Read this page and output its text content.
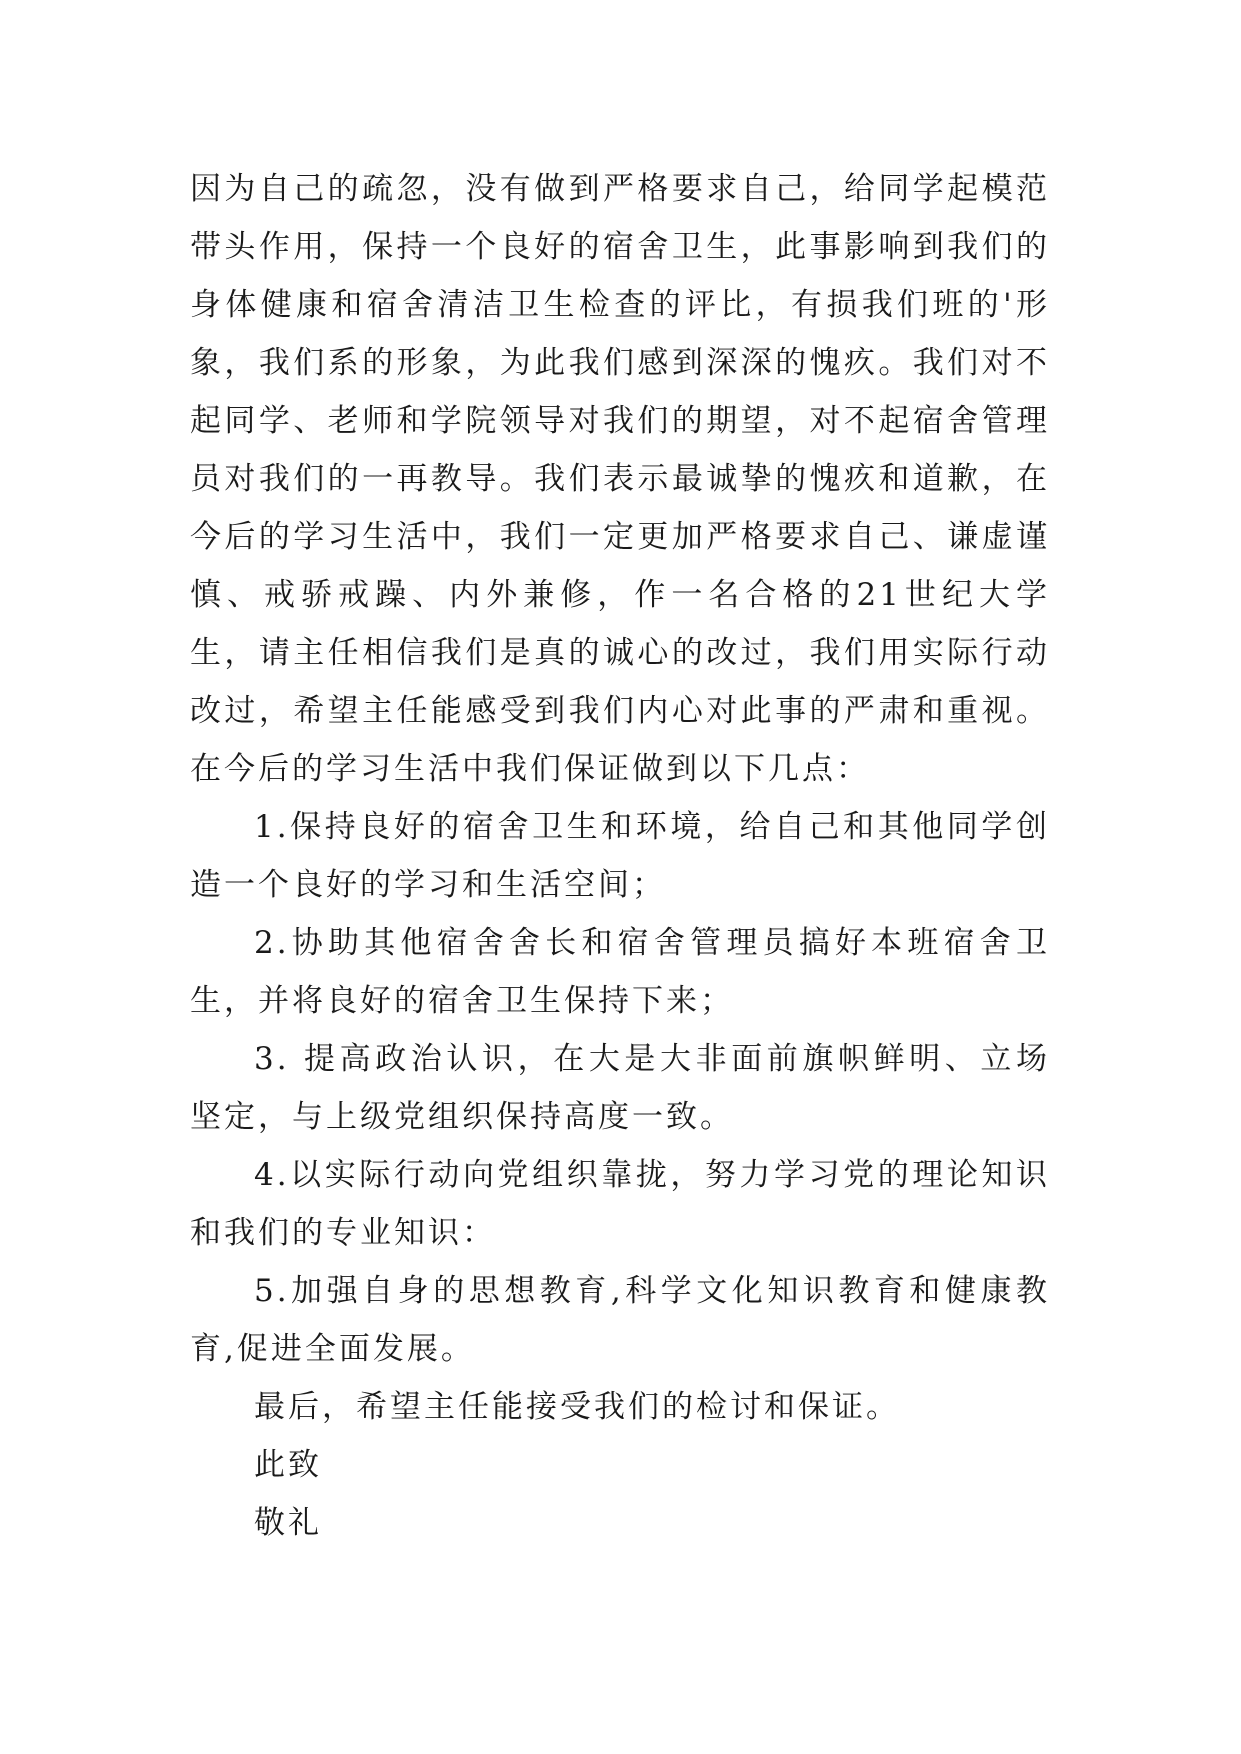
因为自己的疏忽，没有做到严格要求自己，给同学起模范带头作用，保持一个良好的宿舍卫生，此事影响到我们的身体健康和宿舍清洁卫生检查的评比，有损我们班的'形象，我们系的形象，为此我们感到深深的愧疚。我们对不起同学、老师和学院领导对我们的期望，对不起宿舍管理员对我们的一再教导。我们表示最诚挚的愧疚和道歉，在今后的学习生活中，我们一定更加严格要求自己、谦虚谨慎、戒骄戒躁、内外兼修，作一名合格的21世纪大学生，请主任相信我们是真的诚心的改过，我们用实际行动改过，希望主任能感受到我们内心对此事的严肃和重视。在今后的学习生活中我们保证做到以下几点：

1.保持良好的宿舍卫生和环境，给自己和其他同学创造一个良好的学习和生活空间；

2.协助其他宿舍舍长和宿舍管理员搞好本班宿舍卫生，并将良好的宿舍卫生保持下来；

3. 提高政治认识，在大是大非面前旗帜鲜明、立场坚定，与上级党组织保持高度一致。

4.以实际行动向党组织靠拢，努力学习党的理论知识和我们的专业知识：

5.加强自身的思想教育,科学文化知识教育和健康教育,促进全面发展。

最后，希望主任能接受我们的检讨和保证。

此致

敬礼
